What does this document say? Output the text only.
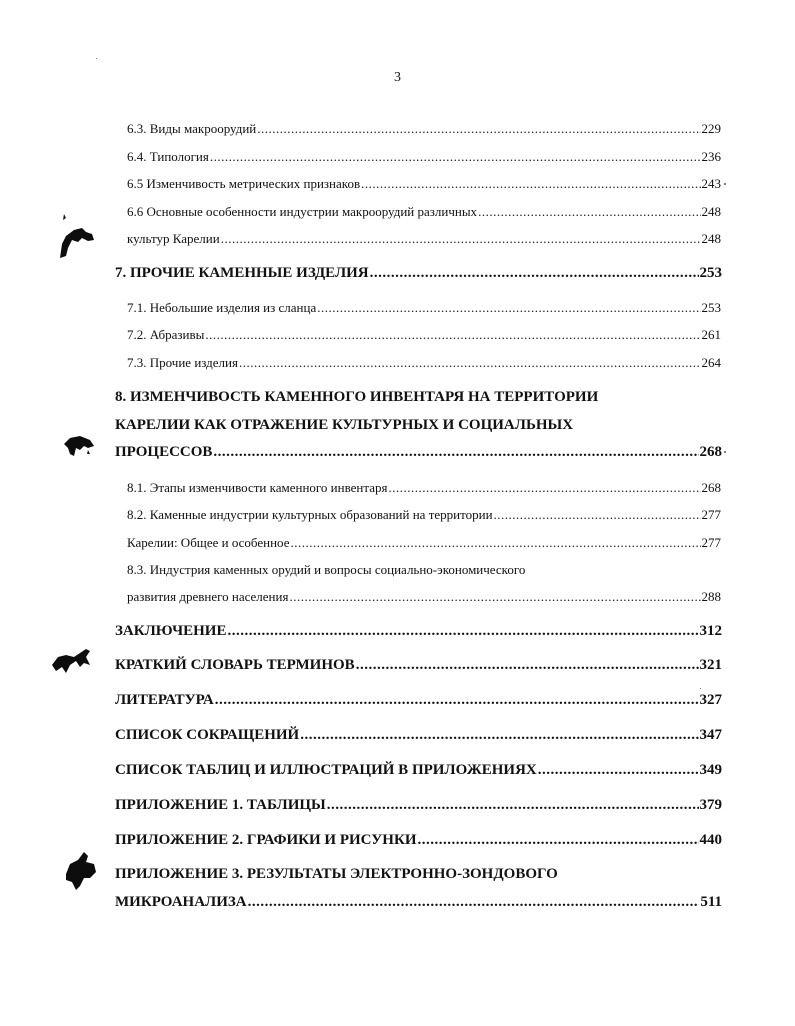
3
6.3. Виды макроорудий .....	229
6.4. Типология .....	236
6.5 Изменчивость метрических признаков .....	243
6.6 Основные особенности индустрии макроорудий различных .....	248
культур Карелии .....	248
7. ПРОЧИЕ КАМЕННЫЕ ИЗДЕЛИЯ .....	253
7.1. Небольшие изделия из сланца .....	253
7.2. Абразивы .....	261
7.3. Прочие изделия .....	264
8. ИЗМЕНЧИВОСТЬ КАМЕННОГО ИНВЕНТАРЯ НА ТЕРРИТОРИИ
КАРЕЛИИ КАК ОТРАЖЕНИЕ КУЛЬТУРНЫХ И СОЦИАЛЬНЫХ
ПРОЦЕССОВ .....	268
8.1. Этапы изменчивости каменного инвентаря .....	268
8.2. Каменные индустрии культурных образований на территории .....	277
Карелии: Общее и особенное .....	277
8.3. Индустрия каменных орудий и вопросы социально-экономического
развития древнего населения .....	288
ЗАКЛЮЧЕНИЕ .....	312
КРАТКИЙ СЛОВАРЬ ТЕРМИНОВ .....	321
ЛИТЕРАТУРА .....	327
СПИСОК СОКРАЩЕНИЙ .....	347
СПИСОК ТАБЛИЦ И ИЛЛЮСТРАЦИЙ В ПРИЛОЖЕНИЯХ .....	349
ПРИЛОЖЕНИЕ 1. ТАБЛИЦЫ .....	379
ПРИЛОЖЕНИЕ 2. ГРАФИКИ И РИСУНКИ .....	440
ПРИЛОЖЕНИЕ 3. РЕЗУЛЬТАТЫ ЭЛЕКТРОННО-ЗОНДОВОГО
МИКРОАНАЛИЗА .....	511
